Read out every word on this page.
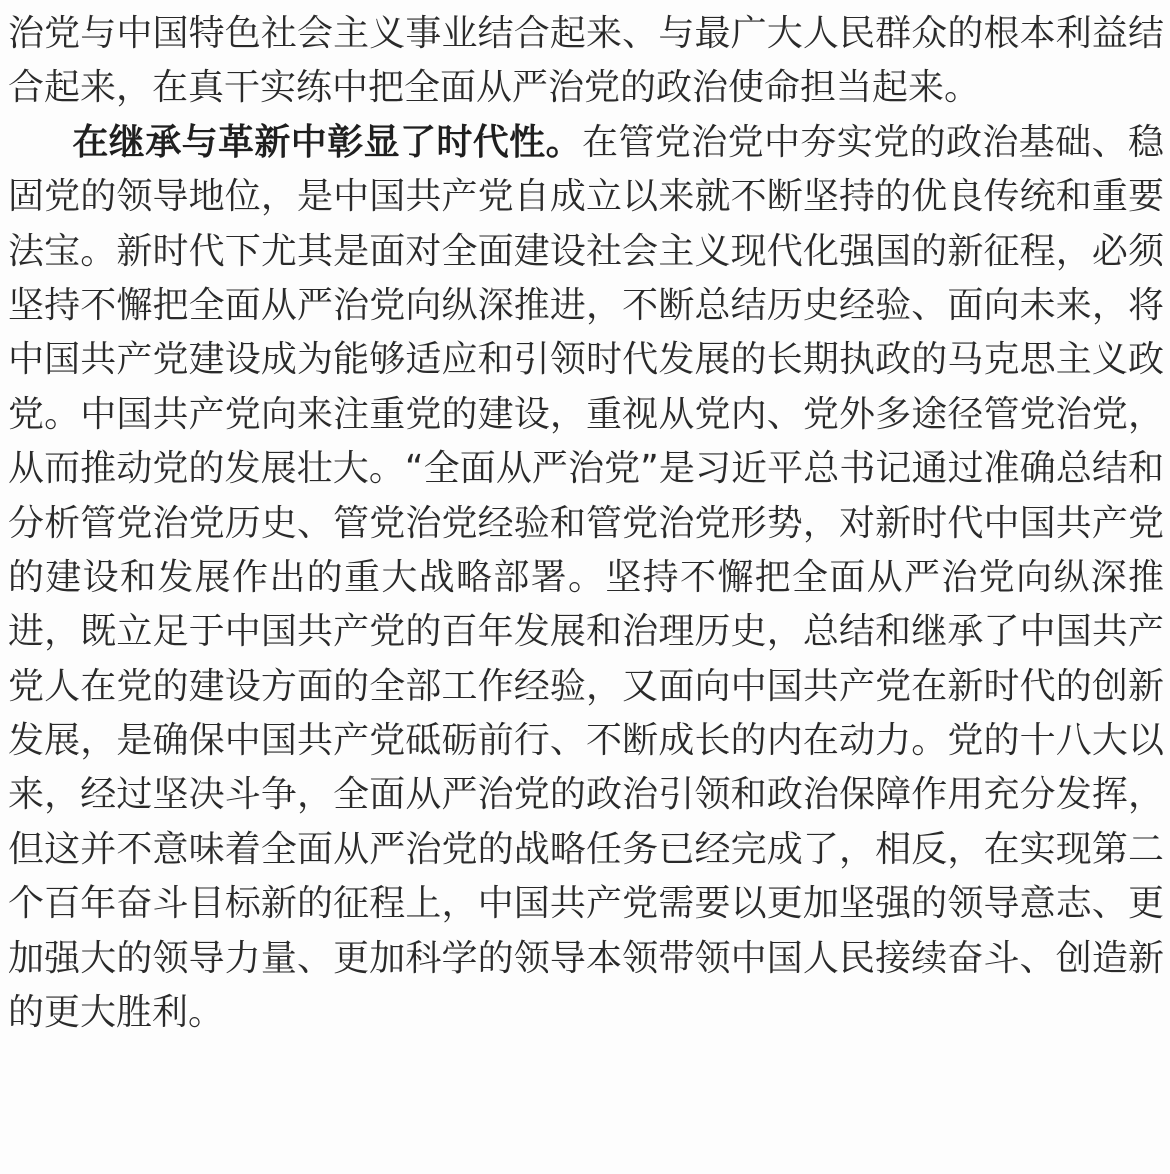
治党与中国特色社会主义事业结合起来、与最广大人民群众的根本利益结
合起来，在真干实练中把全面从严治党的政治使命担当起来。
在继承与革新中彰显了时代性。在管党治党中夯实党的政治基础、稳
固党的领导地位，是中国共产党自成立以来就不断坚持的优良传统和重要
法宝。新时代下尤其是面对全面建设社会主义现代化强国的新征程，必须
坚持不懈把全面从严治党向纵深推进，不断总结历史经验、面向未来，将
中国共产党建设成为能够适应和引领时代发展的长期执政的马克思主义政
党。中国共产党向来注重党的建设，重视从党内、党外多途径管党治党，
从而推动党的发展壮大。“全面从严治党”是习近平总书记通过准确总结和
分析管党治党历史、管党治党经验和管党治党形势，对新时代中国共产党
的建设和发展作出的重大战略部署。坚持不懈把全面从严治党向纵深推
进，既立足于中国共产党的百年发展和治理历史，总结和继承了中国共产
党人在党的建设方面的全部工作经验，又面向中国共产党在新时代的创新
发展，是确保中国共产党砥砺前行、不断成长的内在动力。党的十八大以
来，经过坚决斗争，全面从严治党的政治引领和政治保障作用充分发挥，
但这并不意味着全面从严治党的战略任务已经完成了，相反，在实现第二
个百年奋斗目标新的征程上，中国共产党需要以更加坚强的领导意志、更
加强大的领导力量、更加科学的领导本领带领中国人民接续奋斗、创造新
的更大胜利。
